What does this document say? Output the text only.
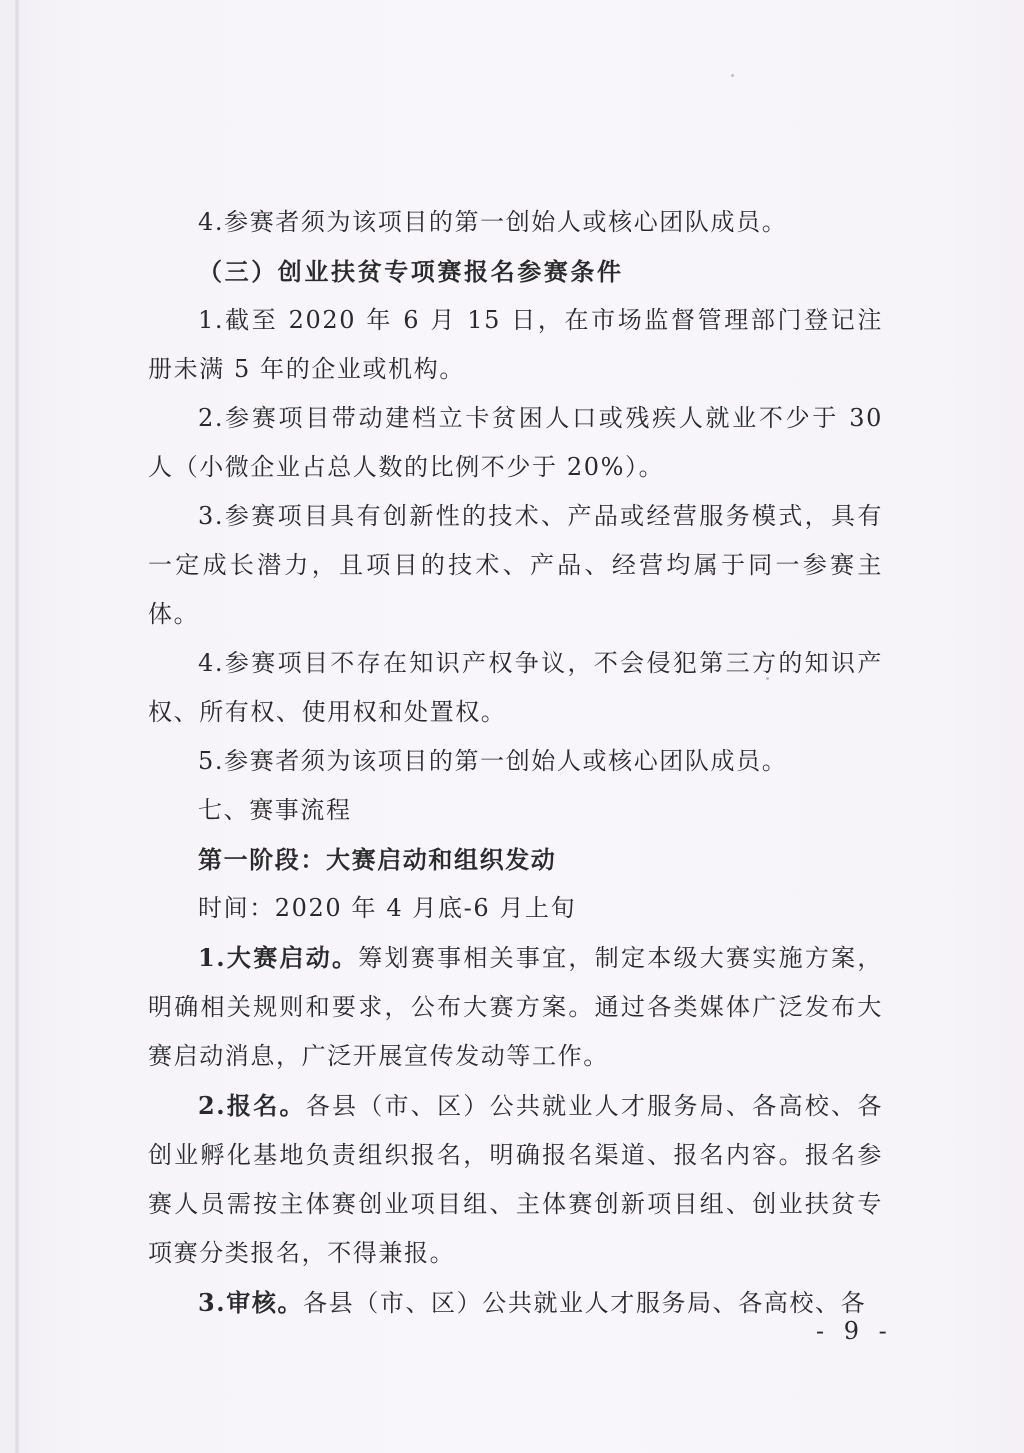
4.参赛者须为该项目的第一创始人或核心团队成员。

（三）创业扶贫专项赛报名参赛条件

1.截至 2020 年 6 月 15 日，在市场监督管理部门登记注册未满 5 年的企业或机构。

2.参赛项目带动建档立卡贫困人口或残疾人就业不少于 30 人（小微企业占总人数的比例不少于 20%）。

3.参赛项目具有创新性的技术、产品或经营服务模式，具有一定成长潜力，且项目的技术、产品、经营均属于同一参赛主体。

4.参赛项目不存在知识产权争议，不会侵犯第三方的知识产权、所有权、使用权和处置权。

5.参赛者须为该项目的第一创始人或核心团队成员。

七、赛事流程

第一阶段：大赛启动和组织发动

时间：2020 年 4 月底-6 月上旬

1.大赛启动。筹划赛事相关事宜，制定本级大赛实施方案，明确相关规则和要求，公布大赛方案。通过各类媒体广泛发布大赛启动消息，广泛开展宣传发动等工作。

2.报名。各县（市、区）公共就业人才服务局、各高校、各创业孵化基地负责组织报名，明确报名渠道、报名内容。报名参赛人员需按主体赛创业项目组、主体赛创新项目组、创业扶贫专项赛分类报名，不得兼报。

3.审核。各县（市、区）公共就业人才服务局、各高校、各

- 9 -
